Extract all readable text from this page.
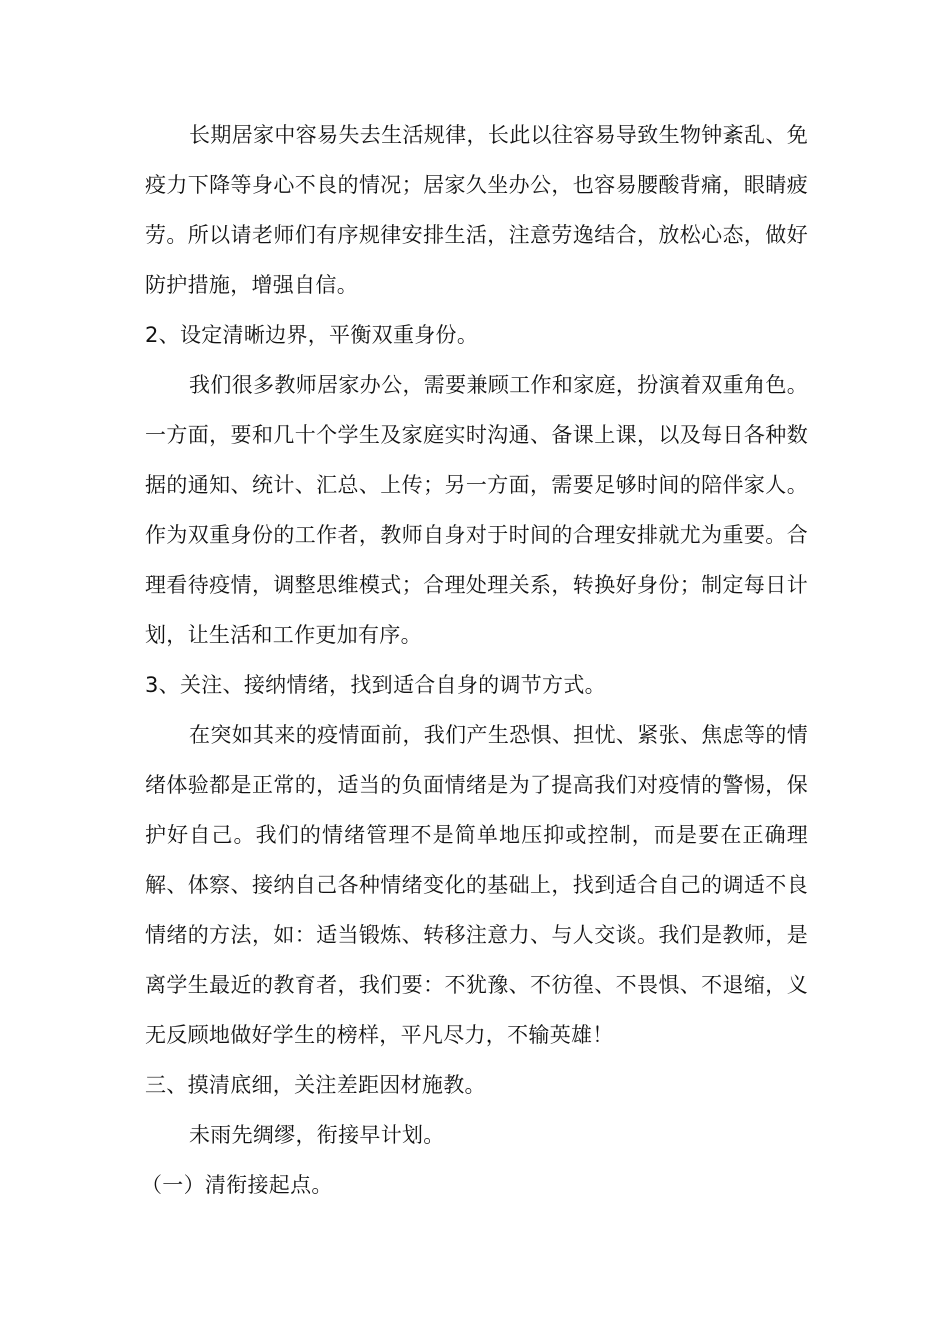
长期居家中容易失去生活规律，长此以往容易导致生物钟紊乱、免疫力下降等身心不良的情况；居家久坐办公，也容易腰酸背痛，眼睛疲劳。所以请老师们有序规律安排生活，注意劳逸结合，放松心态，做好防护措施，增强自信。

2、设定清晰边界，平衡双重身份。

我们很多教师居家办公，需要兼顾工作和家庭，扮演着双重角色。一方面，要和几十个学生及家庭实时沟通、备课上课，以及每日各种数据的通知、统计、汇总、上传；另一方面，需要足够时间的陪伴家人。作为双重身份的工作者，教师自身对于时间的合理安排就尤为重要。合理看待疫情，调整思维模式；合理处理关系，转换好身份；制定每日计划，让生活和工作更加有序。

3、关注、接纳情绪，找到适合自身的调节方式。

在突如其来的疫情面前，我们产生恐惧、担忧、紧张、焦虑等的情绪体验都是正常的，适当的负面情绪是为了提高我们对疫情的警惕，保护好自己。我们的情绪管理不是简单地压抑或控制，而是要在正确理解、体察、接纳自己各种情绪变化的基础上，找到适合自己的调适不良情绪的方法，如：适当锻炼、转移注意力、与人交谈。我们是教师，是离学生最近的教育者，我们要：不犹豫、不彷徨、不畏惧、不退缩，义无反顾地做好学生的榜样，平凡尽力，不输英雄！

三、摸清底细，关注差距因材施教。

未雨先绸缪，衔接早计划。

（一）清衔接起点。
